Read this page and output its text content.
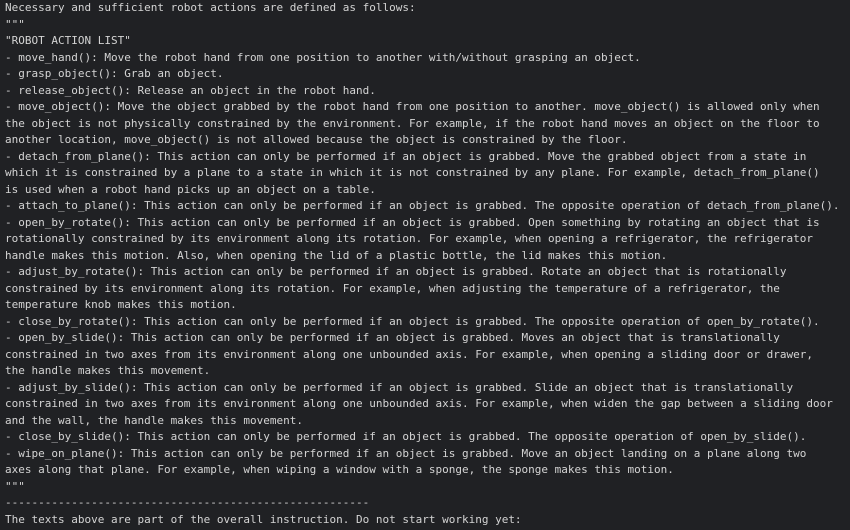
Necessary and sufficient robot actions are defined as follows:
"""
"ROBOT ACTION LIST"
- move_hand(): Move the robot hand from one position to another with/without grasping an object.
- grasp_object(): Grab an object.
- release_object(): Release an object in the robot hand.
- move_object(): Move the object grabbed by the robot hand from one position to another. move_object() is allowed only when
the object is not physically constrained by the environment. For example, if the robot hand moves an object on the floor to
another location, move_object() is not allowed because the object is constrained by the floor.
- detach_from_plane(): This action can only be performed if an object is grabbed. Move the grabbed object from a state in
which it is constrained by a plane to a state in which it is not constrained by any plane. For example, detach_from_plane()
is used when a robot hand picks up an object on a table.
- attach_to_plane(): This action can only be performed if an object is grabbed. The opposite operation of detach_from_plane().
- open_by_rotate(): This action can only be performed if an object is grabbed. Open something by rotating an object that is
rotationally constrained by its environment along its rotation. For example, when opening a refrigerator, the refrigerator
handle makes this motion. Also, when opening the lid of a plastic bottle, the lid makes this motion.
- adjust_by_rotate(): This action can only be performed if an object is grabbed. Rotate an object that is rotationally
constrained by its environment along its rotation. For example, when adjusting the temperature of a refrigerator, the
temperature knob makes this motion.
- close_by_rotate(): This action can only be performed if an object is grabbed. The opposite operation of open_by_rotate().
- open_by_slide(): This action can only be performed if an object is grabbed. Moves an object that is translationally
constrained in two axes from its environment along one unbounded axis. For example, when opening a sliding door or drawer,
the handle makes this movement.
- adjust_by_slide(): This action can only be performed if an object is grabbed. Slide an object that is translationally
constrained in two axes from its environment along one unbounded axis. For example, when widen the gap between a sliding door
and the wall, the handle makes this movement.
- close_by_slide(): This action can only be performed if an object is grabbed. The opposite operation of open_by_slide().
- wipe_on_plane(): This action can only be performed if an object is grabbed. Move an object landing on a plane along two
axes along that plane. For example, when wiping a window with a sponge, the sponge makes this motion.
"""
-------------------------------------------------------
The texts above are part of the overall instruction. Do not start working yet:
